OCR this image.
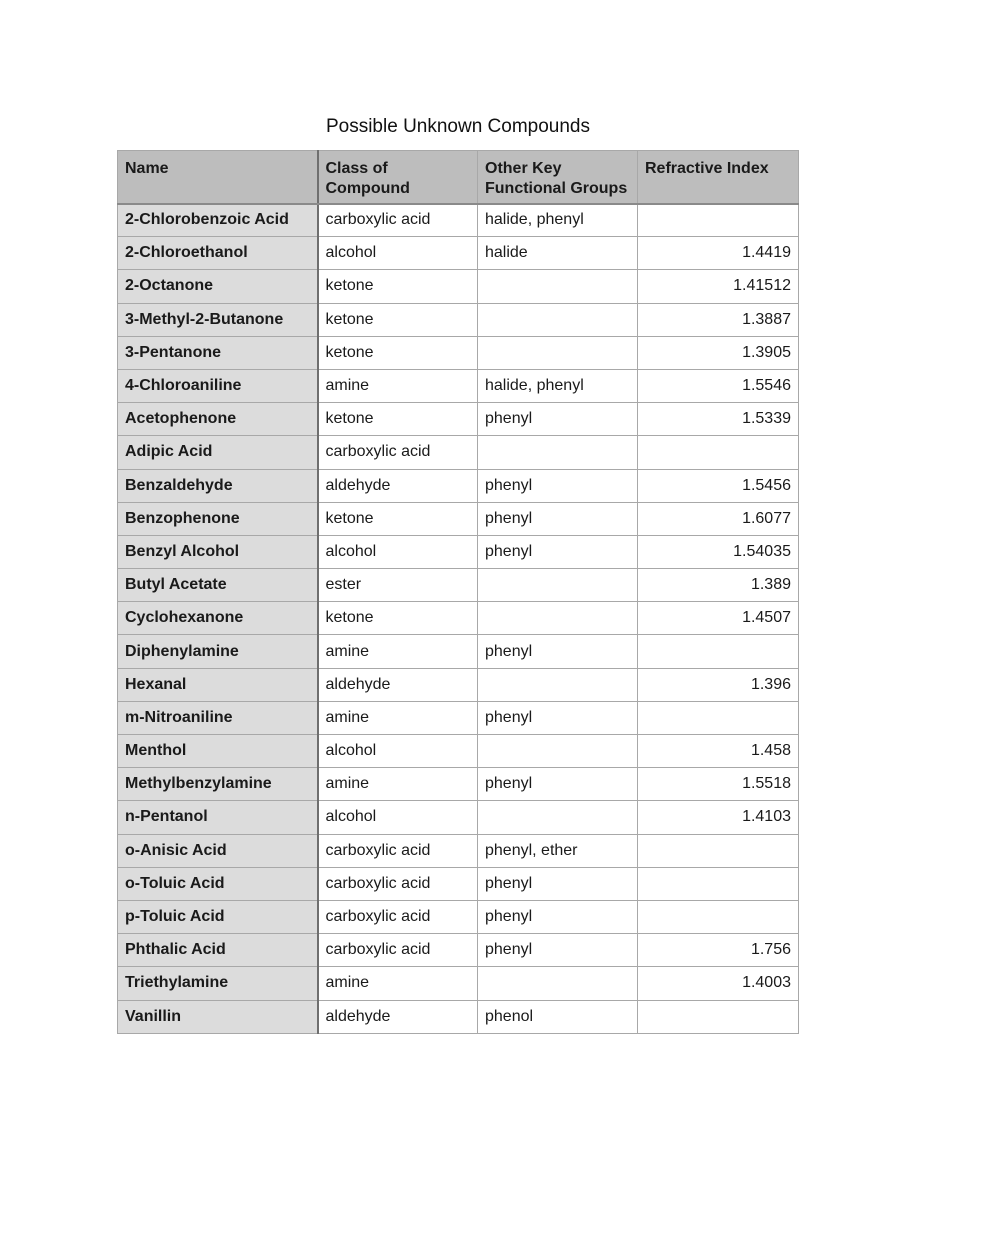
Possible Unknown Compounds
Name	Class of Compound	Other Key Functional Groups	Refractive Index
2-Chlorobenzoic Acid	carboxylic acid	halide, phenyl	
2-Chloroethanol	alcohol	halide	1.4419
2-Octanone	ketone		1.41512
3-Methyl-2-Butanone	ketone		1.3887
3-Pentanone	ketone		1.3905
4-Chloroaniline	amine	halide, phenyl	1.5546
Acetophenone	ketone	phenyl	1.5339
Adipic Acid	carboxylic acid		
Benzaldehyde	aldehyde	phenyl	1.5456
Benzophenone	ketone	phenyl	1.6077
Benzyl Alcohol	alcohol	phenyl	1.54035
Butyl Acetate	ester		1.389
Cyclohexanone	ketone		1.4507
Diphenylamine	amine	phenyl	
Hexanal	aldehyde		1.396
m-Nitroaniline	amine	phenyl	
Menthol	alcohol		1.458
Methylbenzylamine	amine	phenyl	1.5518
n-Pentanol	alcohol		1.4103
o-Anisic Acid	carboxylic acid	phenyl, ether	
o-Toluic Acid	carboxylic acid	phenyl	
p-Toluic Acid	carboxylic acid	phenyl	
Phthalic Acid	carboxylic acid	phenyl	1.756
Triethylamine	amine		1.4003
Vanillin	aldehyde	phenol	
